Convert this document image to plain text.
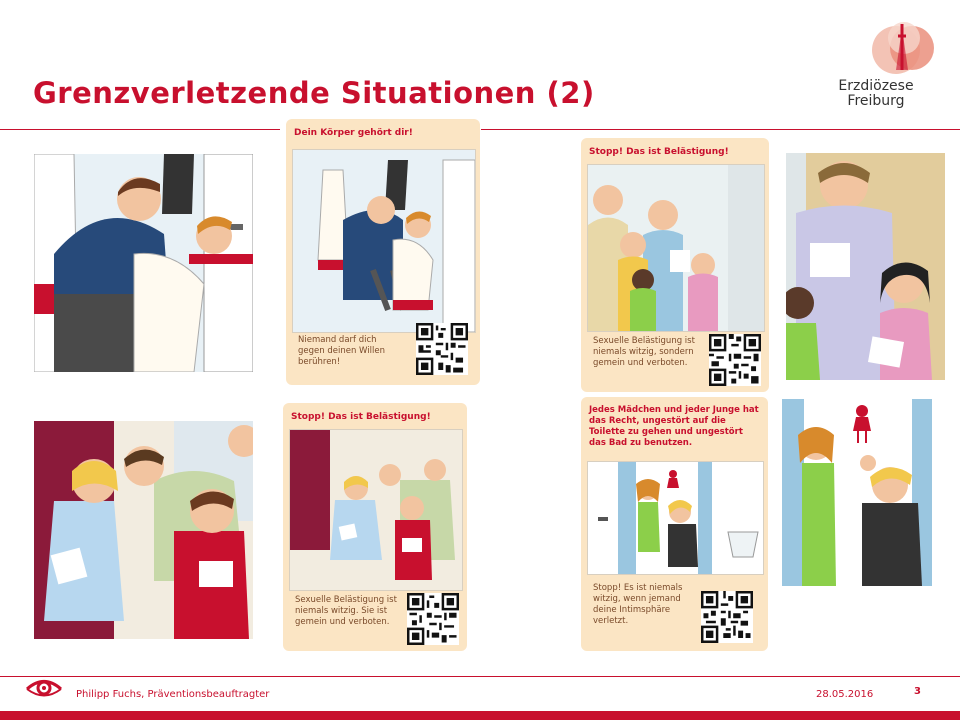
Grenzverletzende Situationen (2)	Erzdiözese
Freiburg
Dein Körper gehört dir!
Niemand darf dich gegen deinen Willen berühren!
Stopp! Das ist Belästigung!
Sexuelle Belästigung ist niemals witzig. Sie ist gemein und verboten.
Stopp! Das ist Belästigung!
Sexuelle Belästigung ist niemals witzig, sondern gemein und verboten.
Jedes Mädchen und jeder Junge hat das Recht, ungestört auf die Toilette zu gehen und ungestört das Bad zu benutzen.
Stopp! Es ist niemals witzig, wenn jemand deine Intimsphäre verletzt.
Philipp Fuchs, Präventionsbeauftragter	28.05.2016	3
